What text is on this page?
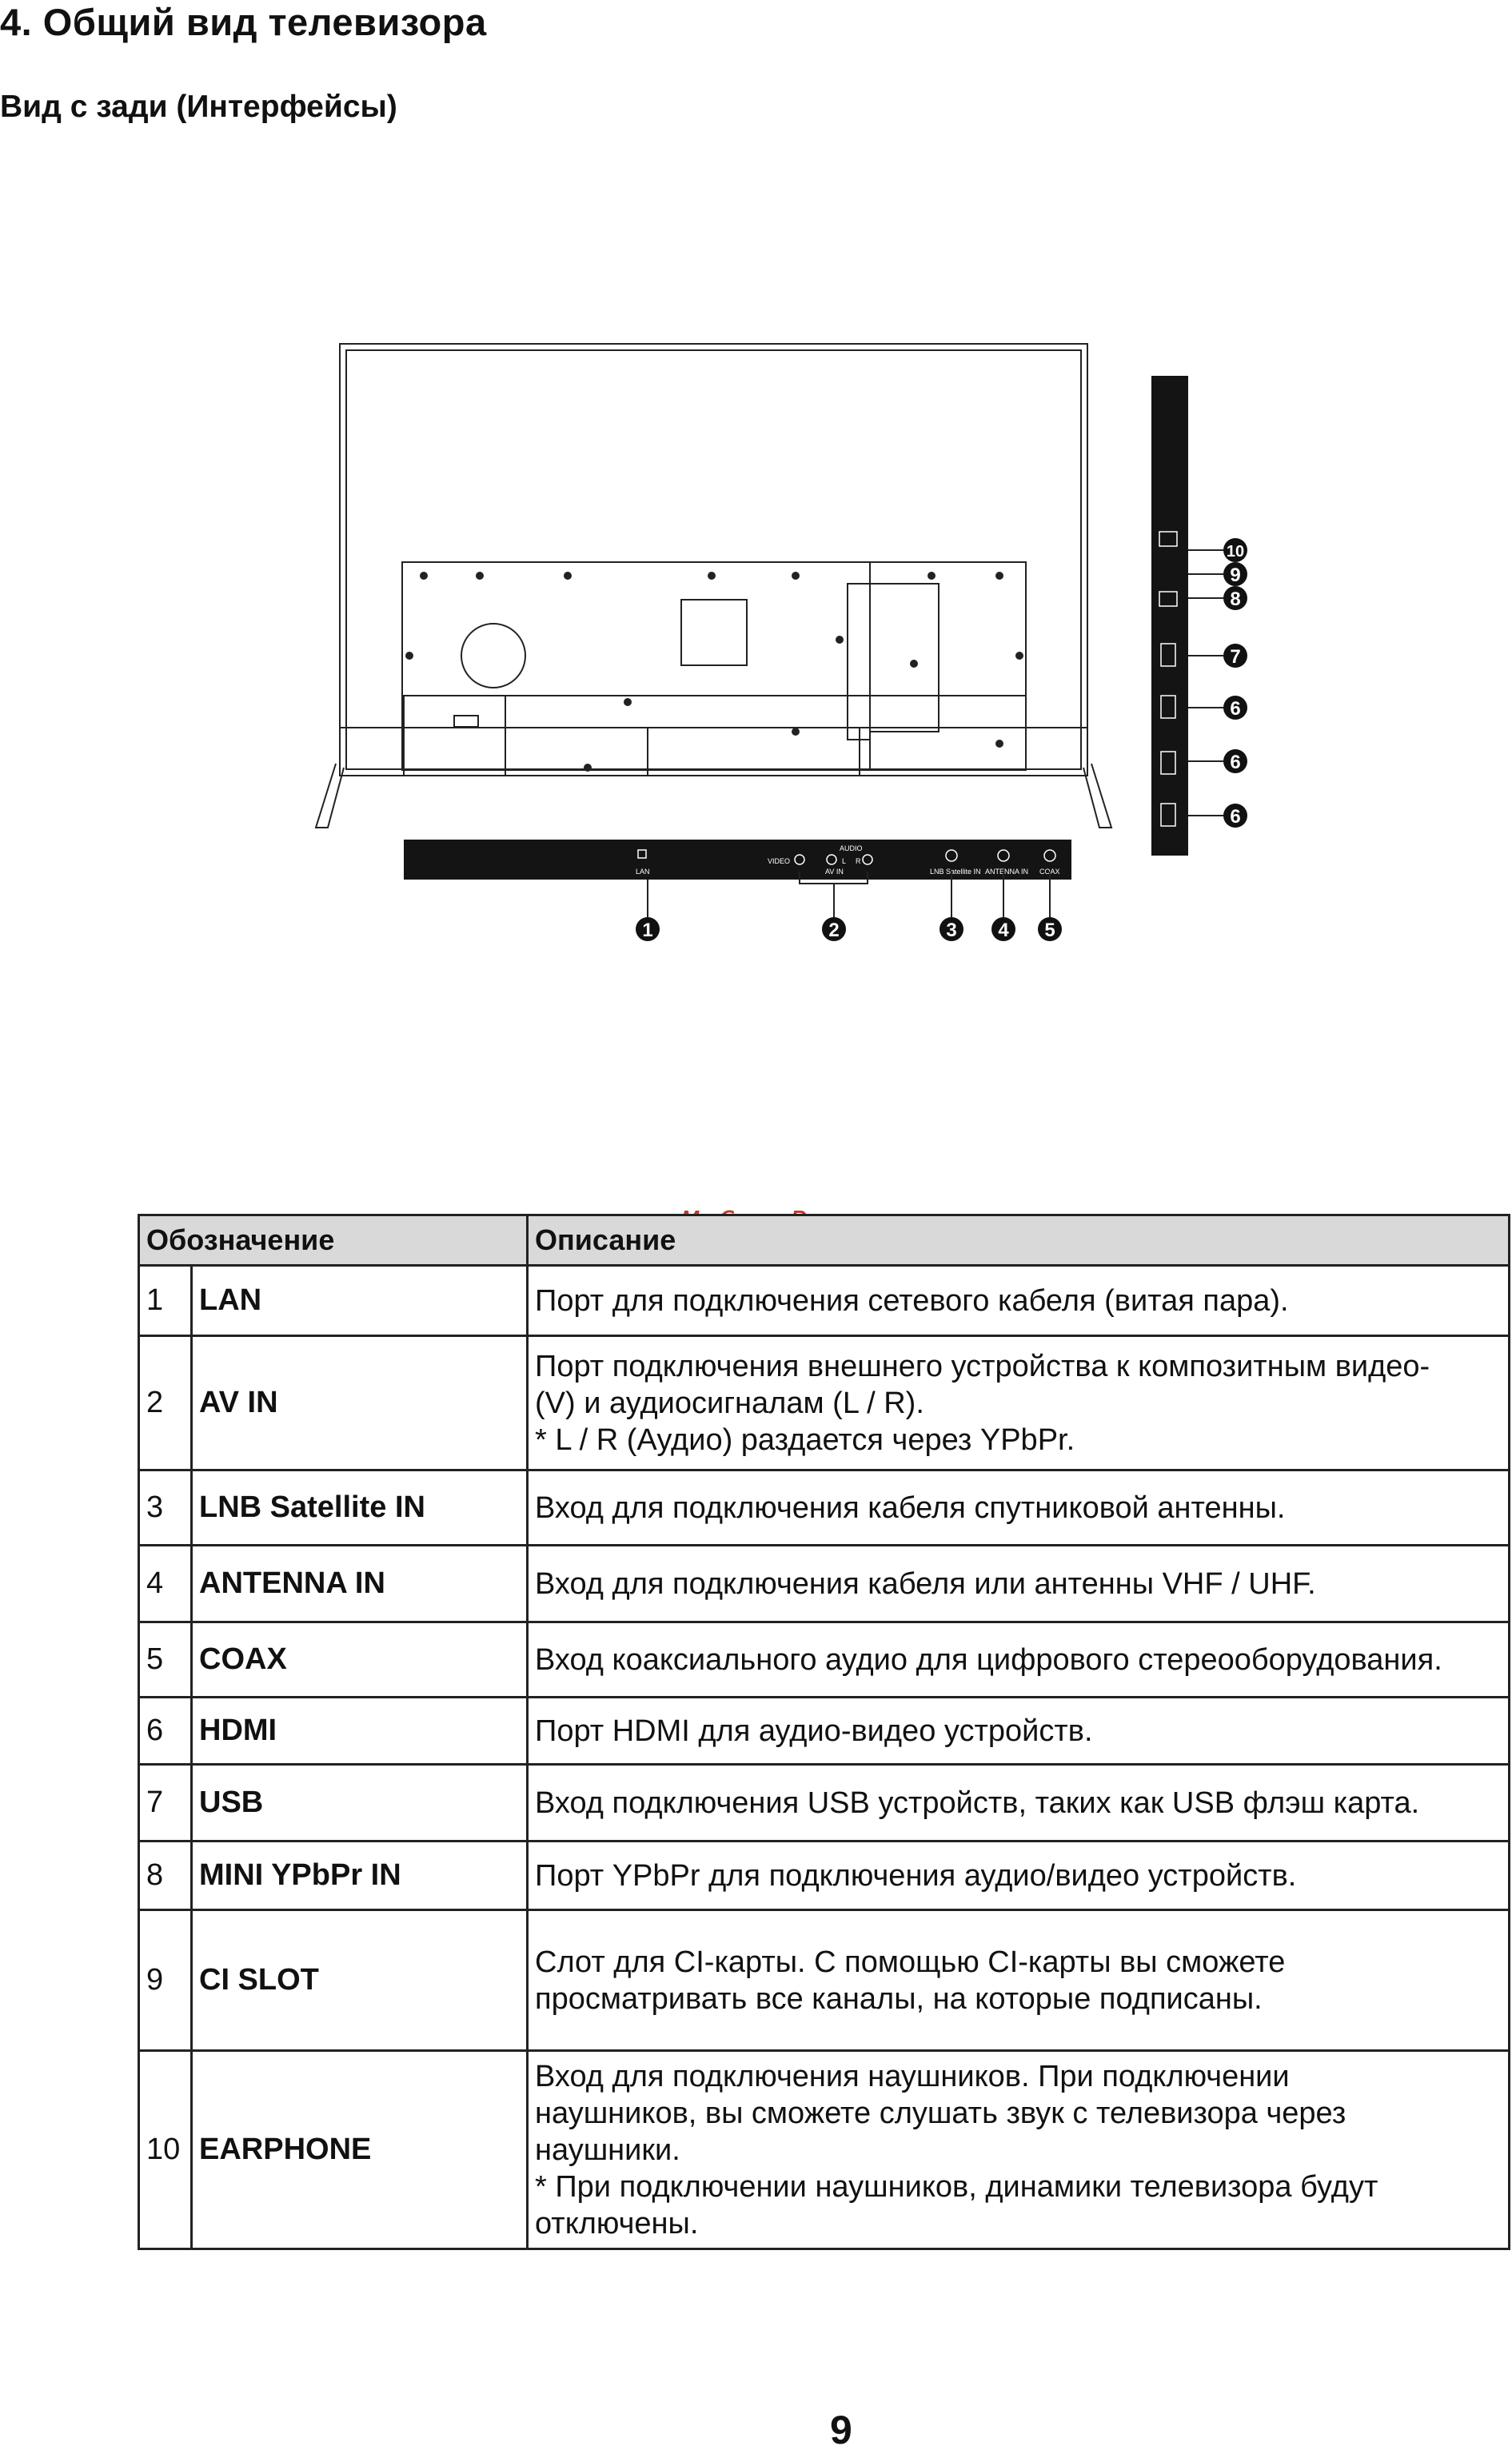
4. Общий вид телевизора
Вид с зади (Интерфейсы)
LAN
VIDEO
AUDIO
L R
AV IN	LNB Satellite IN ANTENNA IN COAX
1	2	3 4 5
6
6
6
7
8
9
10
Обозначение		Описание
1	LAN	Порт для подключения сетевого кабеля (витая пара).

2	AV IN	Порт подключения внешнего устройства к композитным видео-
(V) и аудиосигналам (L / R).
* L / R (Аудио) раздается через YPbPr.

3	LNB Satellite IN	Вход для подключения кабеля спутниковой антенны.

4	ANTENNA IN	Вход для подключения кабеля или антенны VHF / UHF.

5	COAX	Вход коаксиального аудио для цифрового стереооборудования.

6	HDMI	Порт HDMI для аудио-видео устройств.

7	USB	Вход подключения USB устройств, таких как USB флэш карта.

8	MINI YPbPr IN	Порт YPbPr для подключения аудио/видео устройств.

9	CI SLOT	Слот для CI-карты. С помощью CI-карты вы сможете
просматривать все каналы, на которые подписаны.

10	EARPHONE	Вход для подключения наушников. При подключении
наушников, вы сможете слушать звук с телевизора через
наушники.
* При подключении наушников, динамики телевизора будут
отключены.
9
